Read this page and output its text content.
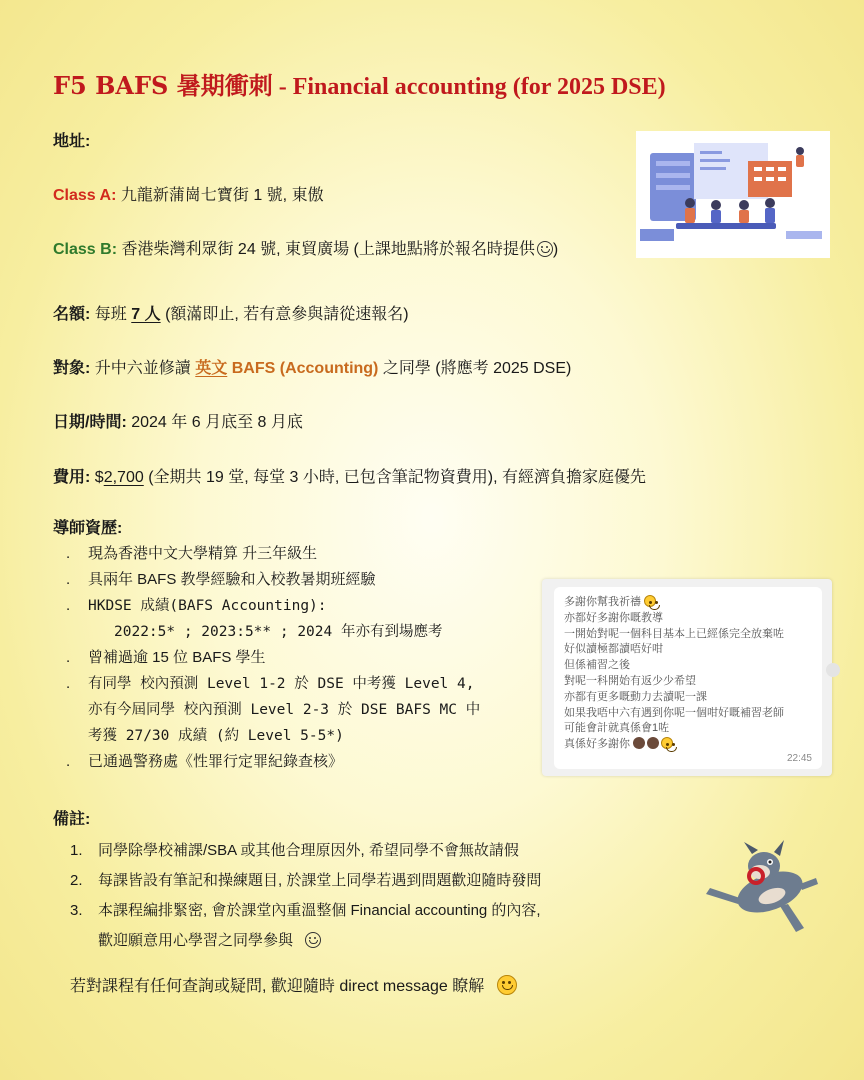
F5 BAFS 暑期衝刺 - Financial accounting (for 2025 DSE)
地址:
Class A: 九龍新蒲崗七寶街 1 號, 東傲
Class B: 香港柴灣利眾街 24 號, 東貿廣場 (上課地點將於報名時提供 )
名額: 每班 7 人 (額滿即止, 若有意參與請從速報名)
對象: 升中六並修讀 英文 BAFS (Accounting) 之同學 (將應考 2025 DSE)
日期/時間: 2024 年 6 月底至 8 月底
費用: $2,700 (全期共 19 堂, 每堂 3 小時, 已包含筆記物資費用), 有經濟負擔家庭優先
導師資歷:
. 現為香港中文大學精算 升三年級生
. 具兩年 BAFS 教學經驗和入校教暑期班經驗
. HKDSE 成績(BAFS Accounting):
2022:5* ; 2023:5** ; 2024 年亦有到場應考
. 曾補過逾 15 位 BAFS 學生
. 有同學 校內預測 Level 1-2 於 DSE 中考獲 Level 4,
亦有今屆同學 校內預測 Level 2-3 於 DSE BAFS MC 中
考獲 27/30 成績 (約 Level 5-5*)
. 已通過警務處《性罪行定罪紀錄查核》
多謝你幫我祈禱
亦都好多謝你嘅教導
一開始對呢一個科目基本上已經係完全放棄咗
好似讀極都讀唔好咁
但係補習之後
對呢一科開始有返少少希望
亦都有更多嘅動力去讀呢一課
如果我唔中六有遇到你呢一個咁好嘅補習老師
可能會計就真係會1咗
真係好多謝你
22:45
備註:
1. 同學除學校補課/SBA 或其他合理原因外, 希望同學不會無故請假
2. 每課皆設有筆記和操練題目, 於課堂上同學若遇到問題歡迎隨時發問
3. 本課程編排緊密, 會於課堂內重溫整個 Financial accounting 的內容,
歡迎願意用心學習之同學參與
若對課程有任何查詢或疑問, 歡迎隨時 direct message 瞭解
